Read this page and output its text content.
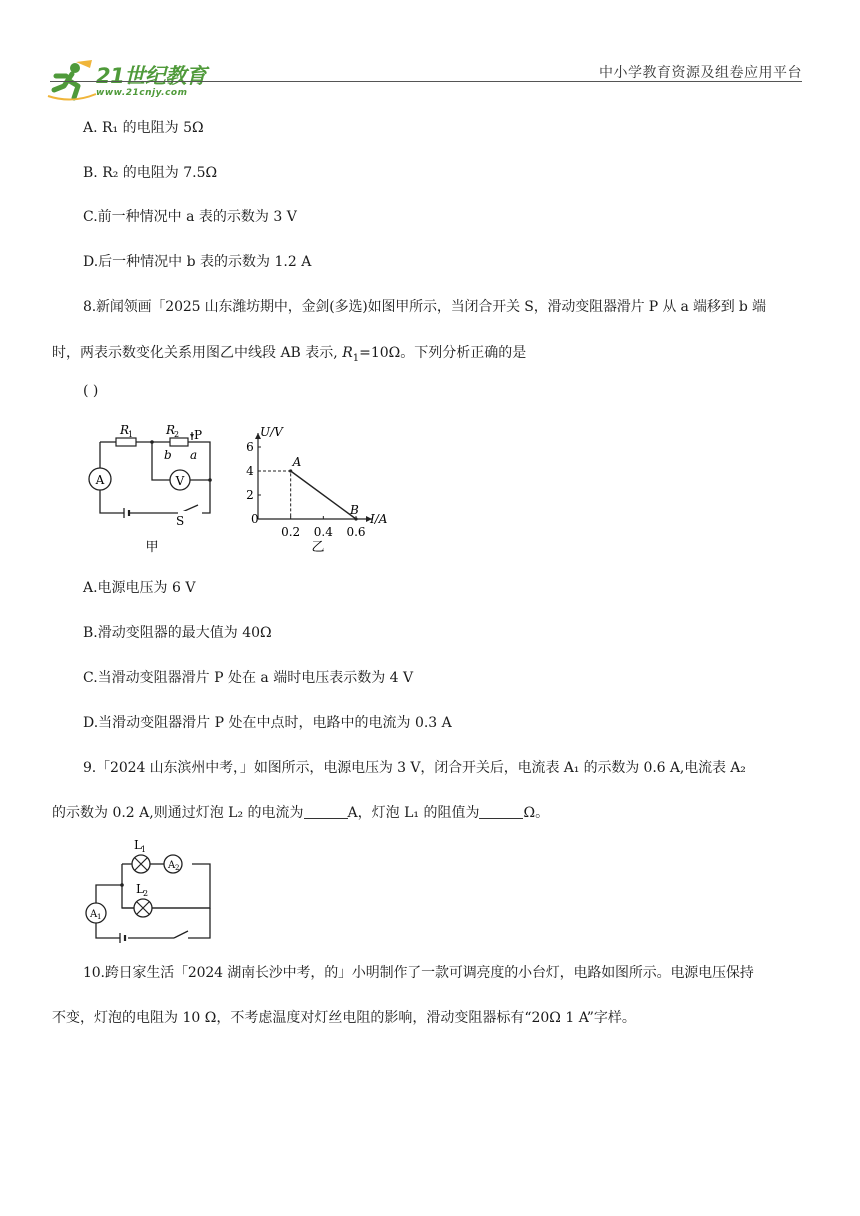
21世纪教育
www.21cnjy.com
中小学教育资源及组卷应用平台
A. R₁ 的电阻为 5Ω
B. R₂ 的电阻为 7.5Ω
C.前一种情况中 a 表的示数为 3 V
D.后一种情况中 b 表的示数为 1.2 A
8.新闻领画「2025 山东潍坊期中，金剑(多选)如图甲所示，当闭合开关 S，滑动变阻器滑片 P 从 a 端移到 b 端
时，两表示数变化关系用图乙中线段 AB 表示, $R_1=10\Omega$。下列分析正确的是
( )
A	V
R
1	R
2 P
b a
S
甲
2
4
6
0.2 0.4 0.6
A
B
U/V
I/A
0
乙
A.电源电压为 6 V
B.滑动变阻器的最大值为 40Ω
C.当滑动变阻器滑片 P 处在 a 端时电压表示数为 4 V
D.当滑动变阻器滑片 P 处在中点时，电路中的电流为 0.3 A
9.「2024 山东滨州中考，」如图所示，电源电压为 3 V，闭合开关后，电流表 A₁ 的示数为 0.6 A,电流表 A₂
的示数为 0.2 A,则通过灯泡 L₂ 的电流为	A，灯泡 L₁ 的阻值为	Ω。
L 1
L 2
A 2
A 1
10.跨日家生活「2024 湖南长沙中考，的」小明制作了一款可调亮度的小台灯，电路如图所示。电源电压保持
不变，灯泡的电阻为 10 Ω，不考虑温度对灯丝电阻的影响，滑动变阻器标有“20Ω 1 A”字样。
